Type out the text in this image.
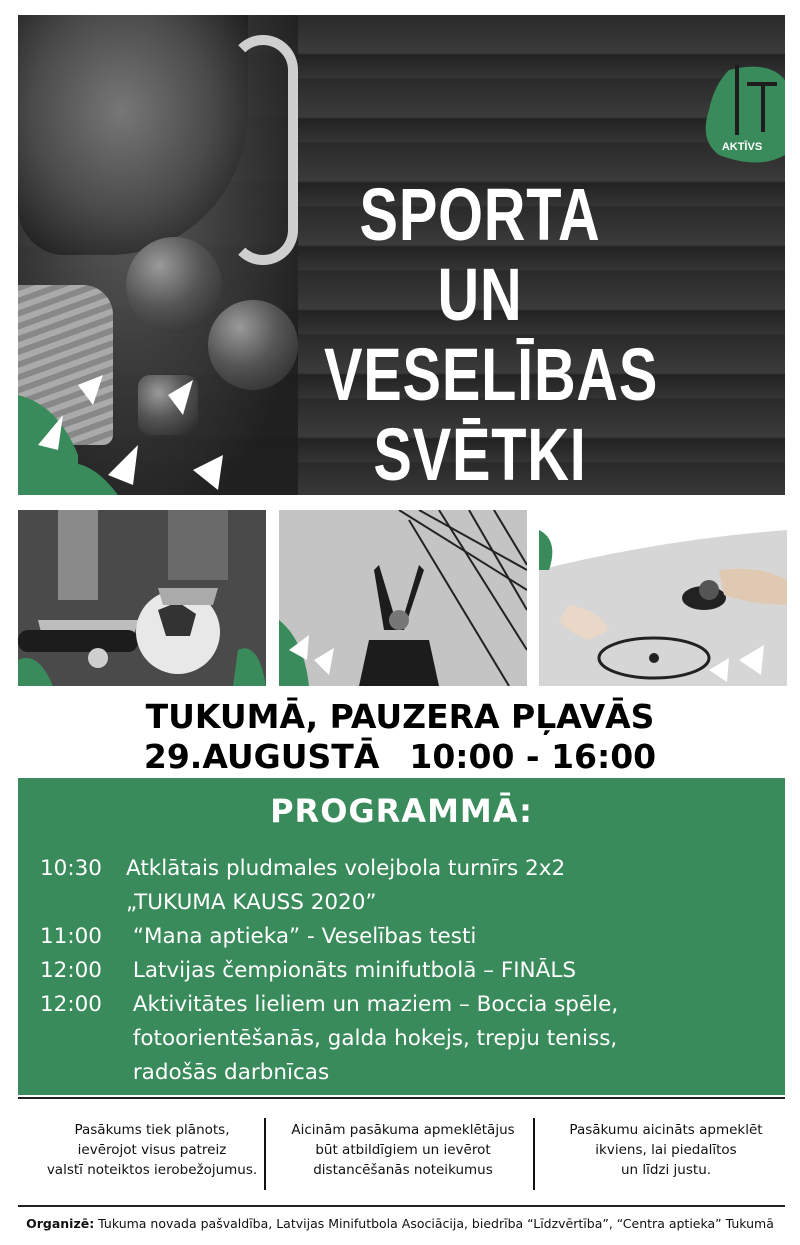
SPORTA UN
VESELĪBAS
SVĒTKI
AKTĪVS
TUKUMĀ, PAUZERA PĻAVĀS
29.AUGUSTĀ 10:00 - 16:00
PROGRAMMĀ:
10:30	Atklātais pludmales volejbola turnīrs 2x2
„TUKUMA KAUSS 2020”
11:00	“Mana aptieka” - Veselības testi
12:00	Latvijas čempionāts minifutbolā – FINĀLS
12:00	Aktivitātes lieliem un maziem – Boccia spēle,
fotoorientēšanās, galda hokejs, trepju teniss,
radošās darbnīcas
Pasākums tiek plānots,
ievērojot visus patreiz
valstī noteiktos ierobežojumus.
Aicinām pasākuma apmeklētājus
būt atbildīgiem un ievērot
distancēšanās noteikumus
Pasākumu aicināts apmeklēt
ikviens, lai piedalītos
un līdzi justu.
Organizē: Tukuma novada pašvaldība, Latvijas Minifutbola Asociācija, biedrība “Līdzvērtība”, “Centra aptieka” Tukumā
